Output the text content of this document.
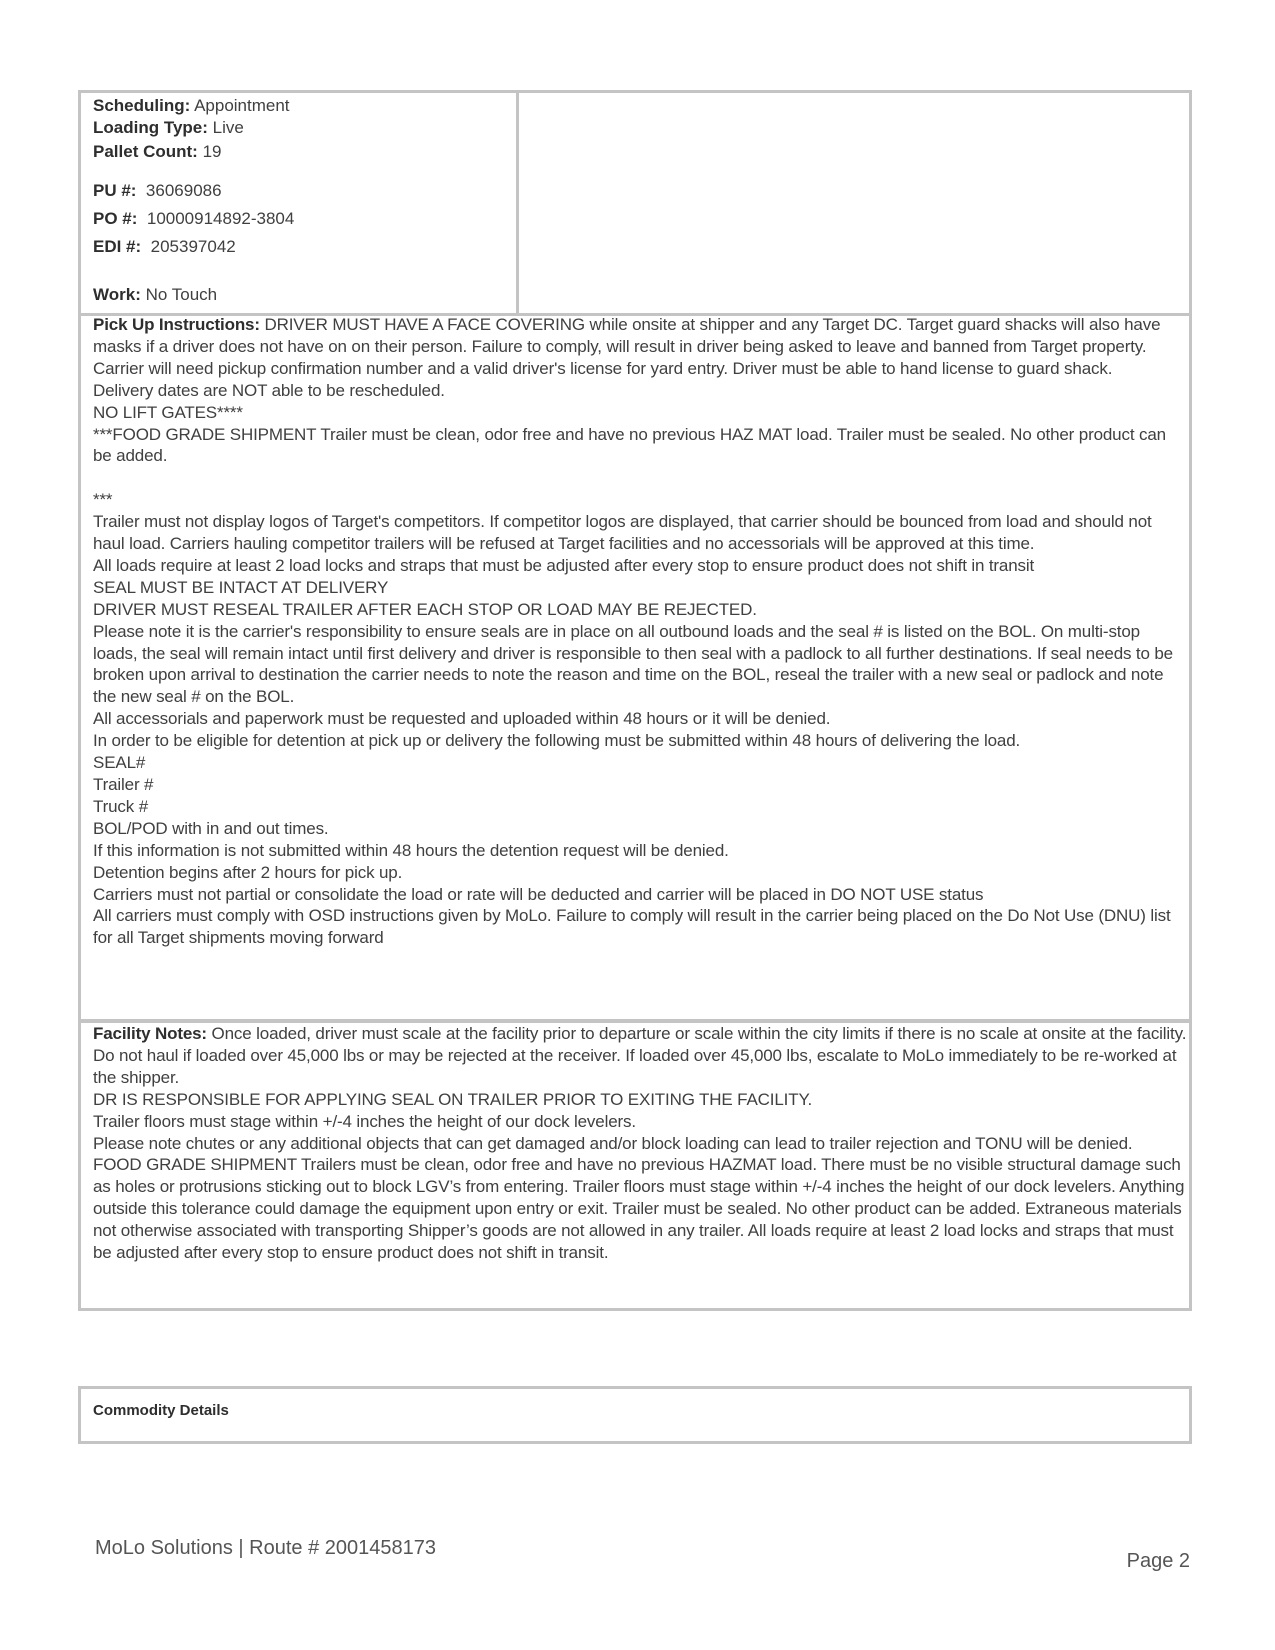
Scheduling: Appointment
Loading Type: Live
Pallet Count: 19
PU #: 36069086
PO #: 10000914892-3804
EDI #: 205397042
Work: No Touch
Pick Up Instructions: DRIVER MUST HAVE A FACE COVERING while onsite at shipper and any Target DC. Target guard shacks will also have masks if a driver does not have on on their person. Failure to comply, will result in driver being asked to leave and banned from Target property.
Carrier will need pickup confirmation number and a valid driver's license for yard entry. Driver must be able to hand license to guard shack.
Delivery dates are NOT able to be rescheduled.
NO LIFT GATES****
***FOOD GRADE SHIPMENT Trailer must be clean, odor free and have no previous HAZ MAT load. Trailer must be sealed. No other product can be added.
***
Trailer must not display logos of Target's competitors. If competitor logos are displayed, that carrier should be bounced from load and should not haul load. Carriers hauling competitor trailers will be refused at Target facilities and no accessorials will be approved at this time.
All loads require at least 2 load locks and straps that must be adjusted after every stop to ensure product does not shift in transit
SEAL MUST BE INTACT AT DELIVERY
DRIVER MUST RESEAL TRAILER AFTER EACH STOP OR LOAD MAY BE REJECTED.
Please note it is the carrier's responsibility to ensure seals are in place on all outbound loads and the seal # is listed on the BOL. On multi-stop loads, the seal will remain intact until first delivery and driver is responsible to then seal with a padlock to all further destinations. If seal needs to be broken upon arrival to destination the carrier needs to note the reason and time on the BOL, reseal the trailer with a new seal or padlock and note the new seal # on the BOL.
All accessorials and paperwork must be requested and uploaded within 48 hours or it will be denied.
In order to be eligible for detention at pick up or delivery the following must be submitted within 48 hours of delivering the load.
SEAL#
Trailer #
Truck #
BOL/POD with in and out times.
If this information is not submitted within 48 hours the detention request will be denied.
Detention begins after 2 hours for pick up.
Carriers must not partial or consolidate the load or rate will be deducted and carrier will be placed in DO NOT USE status
All carriers must comply with OSD instructions given by MoLo. Failure to comply will result in the carrier being placed on the Do Not Use (DNU) list for all Target shipments moving forward
Facility Notes: Once loaded, driver must scale at the facility prior to departure or scale within the city limits if there is no scale at onsite at the facility. Do not haul if loaded over 45,000 lbs or may be rejected at the receiver. If loaded over 45,000 lbs, escalate to MoLo immediately to be re-worked at the shipper.
DR IS RESPONSIBLE FOR APPLYING SEAL ON TRAILER PRIOR TO EXITING THE FACILITY.
Trailer floors must stage within +/-4 inches the height of our dock levelers.
Please note chutes or any additional objects that can get damaged and/or block loading can lead to trailer rejection and TONU will be denied.
FOOD GRADE SHIPMENT Trailers must be clean, odor free and have no previous HAZMAT load. There must be no visible structural damage such as holes or protrusions sticking out to block LGV’s from entering. Trailer floors must stage within +/-4 inches the height of our dock levelers. Anything outside this tolerance could damage the equipment upon entry or exit. Trailer must be sealed. No other product can be added. Extraneous materials not otherwise associated with transporting Shipper’s goods are not allowed in any trailer. All loads require at least 2 load locks and straps that must be adjusted after every stop to ensure product does not shift in transit.
Commodity Details
MoLo Solutions | Route # 2001458173
Page 2
